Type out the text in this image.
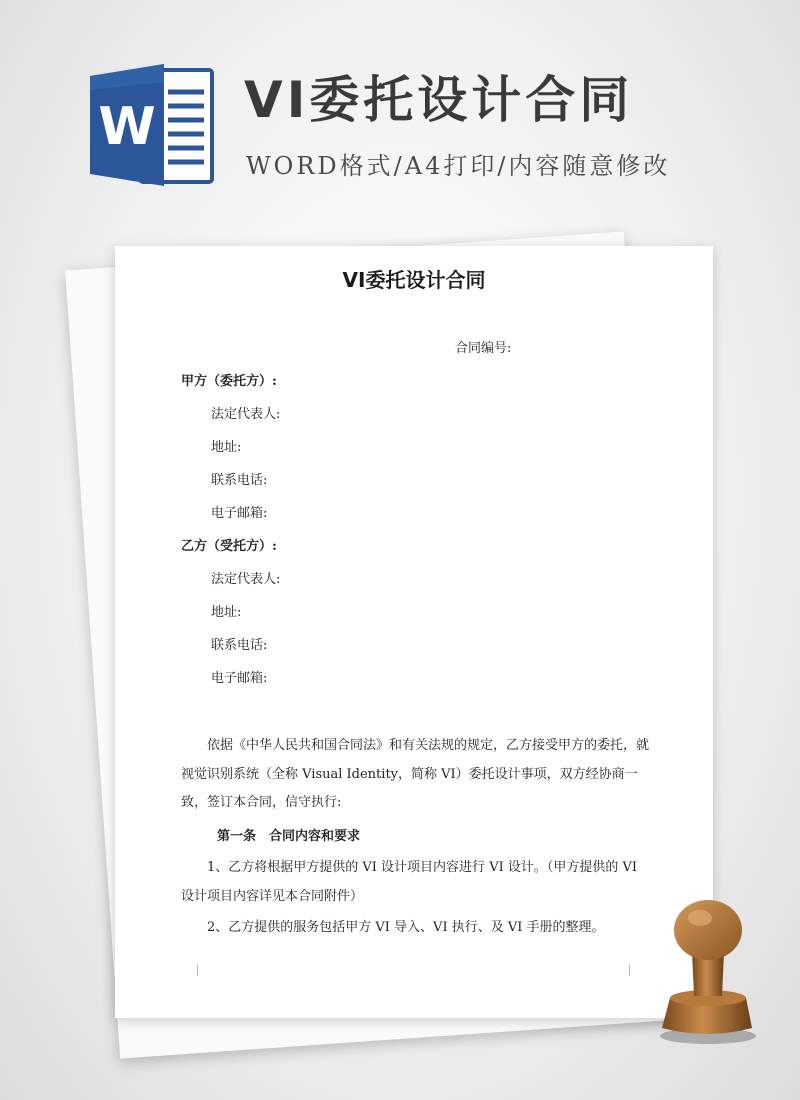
W VI委托设计合同

WORD格式/A4打印/内容随意修改

VI委托设计合同
合同编号:
甲方（委托方）:
法定代表人:
地址:
联系电话:
电子邮箱:
乙方（受托方）:
法定代表人:
地址:
联系电话:
电子邮箱:
依据《中华人民共和国合同法》和有关法规的规定，乙方接受甲方的委托，就视觉识别系统（全称 Visual Identity，简称 VI）委托设计事项，双方经协商一致，签订本合同，信守执行:
第一条　合同内容和要求
1、乙方将根据甲方提供的 VI 设计项目内容进行 VI 设计。（甲方提供的 VI 设计项目内容详见本合同附件）
2、乙方提供的服务包括甲方 VI 导入、VI 执行、及 VI 手册的整理。
